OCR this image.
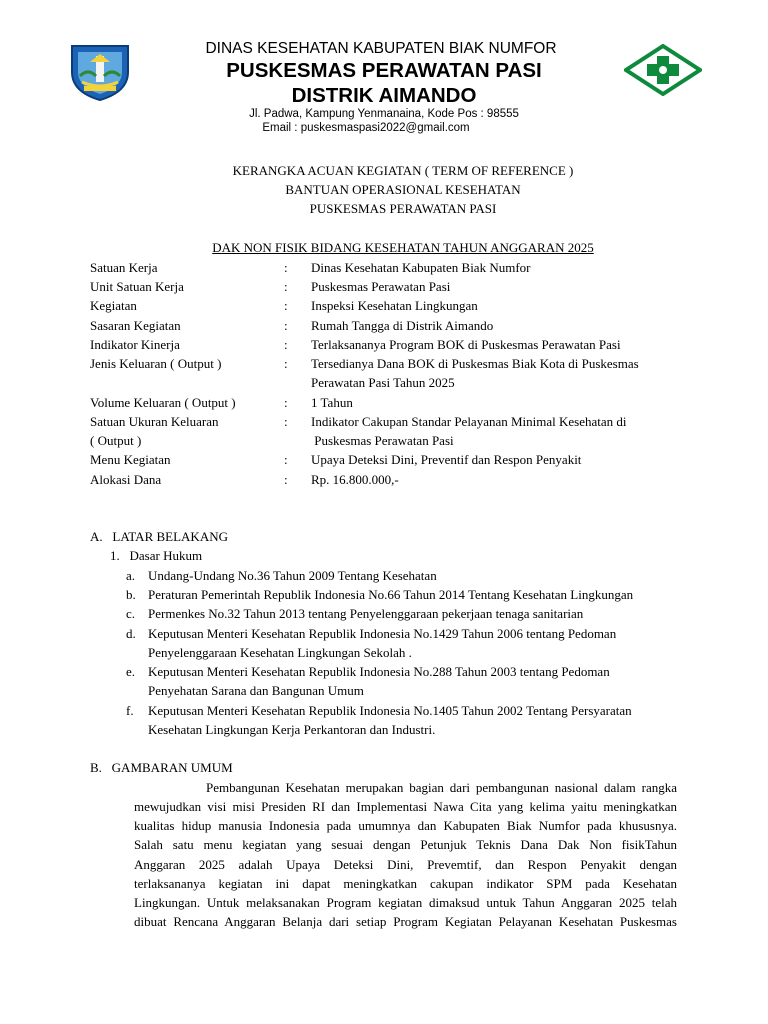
DINAS KESEHATAN KABUPATEN BIAK NUMFOR
PUSKESMAS PERAWATAN PASI
DISTRIK AIMANDO
Jl. Padwa, Kampung Yenmanaina, Kode Pos : 98555
Email : puskesmaspasi2022@gmail.com
KERANGKA ACUAN KEGIATAN ( TERM OF REFERENCE )
BANTUAN OPERASIONAL KESEHATAN
PUSKESMAS PERAWATAN PASI
DAK NON FISIK BIDANG KESEHATAN TAHUN ANGGARAN 2025
Satuan Kerja	: Dinas Kesehatan Kabupaten Biak Numfor
Unit Satuan Kerja	: Puskesmas Perawatan Pasi
Kegiatan	: Inspeksi Kesehatan Lingkungan
Sasaran Kegiatan	: Rumah Tangga di Distrik Aimando
Indikator Kinerja	: Terlaksananya Program BOK di Puskesmas Perawatan Pasi
Jenis Keluaran ( Output )	: Tersedianya Dana BOK di Puskesmas Biak Kota di Puskesmas
Perawatan Pasi Tahun 2025
Volume Keluaran ( Output )	: 1 Tahun
Satuan Ukuran Keluaran	: Indikator Cakupan Standar Pelayanan Minimal Kesehatan di
( Output )	Puskesmas Perawatan Pasi
Menu Kegiatan	: Upaya Deteksi Dini, Preventif dan Respon Penyakit
Alokasi Dana	: Rp. 16.800.000,-
A.   LATAR BELAKANG
1.   Dasar Hukum
a. Undang-Undang No.36 Tahun 2009 Tentang Kesehatan
b. Peraturan Pemerintah Republik Indonesia No.66 Tahun 2014 Tentang Kesehatan Lingkungan
c. Permenkes No.32 Tahun 2013 tentang Penyelenggaraan pekerjaan tenaga sanitarian
d. Keputusan Menteri Kesehatan Republik Indonesia No.1429 Tahun 2006 tentang Pedoman
Penyelenggaraan Kesehatan Lingkungan Sekolah .
e. Keputusan Menteri Kesehatan Republik Indonesia No.288 Tahun 2003 tentang Pedoman
Penyehatan Sarana dan Bangunan Umum
f. Keputusan Menteri Kesehatan Republik Indonesia No.1405 Tahun 2002 Tentang Persyaratan
Kesehatan Lingkungan Kerja Perkantoran dan Industri.
B.   GAMBARAN UMUM
Pembangunan Kesehatan merupakan bagian dari pembangunan nasional dalam rangka
mewujudkan visi misi Presiden RI dan Implementasi Nawa Cita yang kelima yaitu meningkatkan
kualitas hidup manusia Indonesia pada umumnya dan Kabupaten Biak Numfor pada khususnya.
Salah satu menu kegiatan yang sesuai dengan Petunjuk Teknis Dana Dak Non fisikTahun
Anggaran 2025 adalah Upaya Deteksi Dini, Prevemtif, dan Respon Penyakit dengan
terlaksananya kegiatan ini dapat meningkatkan cakupan indikator SPM pada Kesehatan
Lingkungan. Untuk melaksanakan Program kegiatan dimaksud untuk Tahun Anggaran 2025 telah
dibuat Rencana Anggaran Belanja dari setiap Program Kegiatan Pelayanan Kesehatan Puskesmas
